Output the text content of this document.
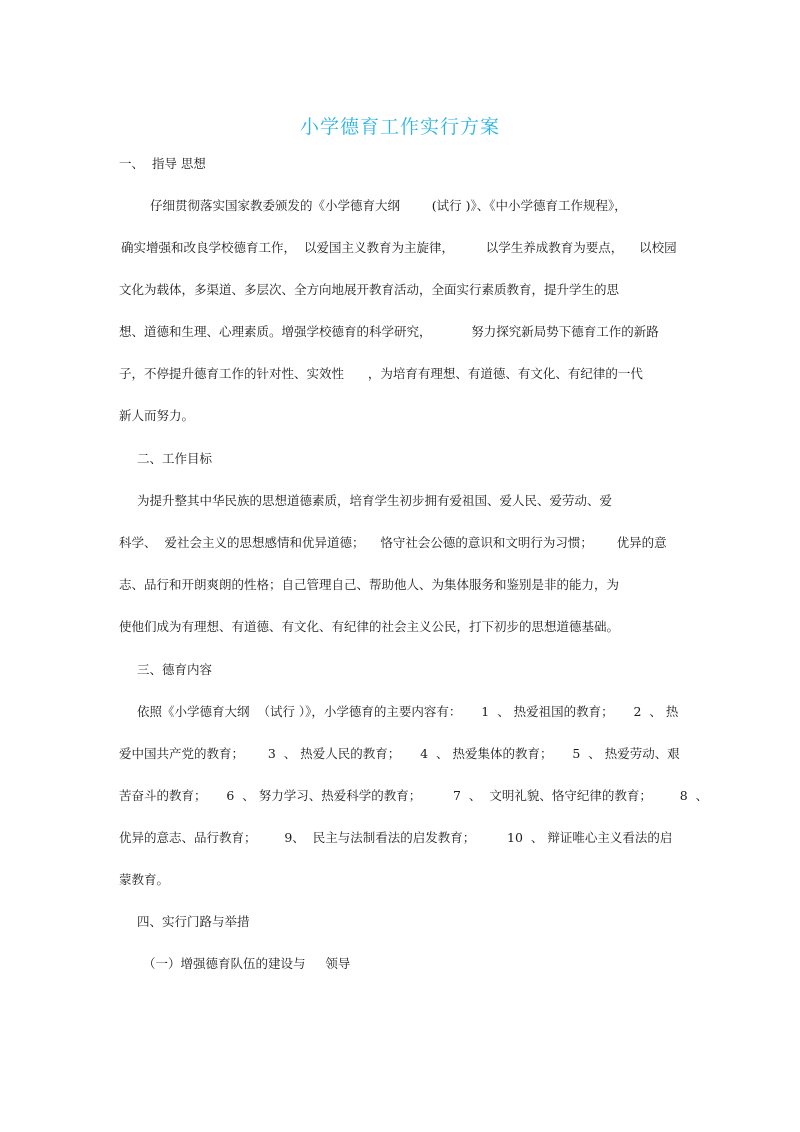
小学德育工作实行方案
一、  指导 思想
仔细贯彻落实国家教委颁发的《小学德育大纲        (试行 )》、《中小学德育工作规程》，
确实增强和改良学校德育工作，  以爱国主义教育为主旋律，        以学生养成教育为要点，    以校园
文化为载体，多渠道、多层次、全方向地展开教育活动，全面实行素质教育，提升学生的思
想、道德和生理、心理素质。增强学校德育的科学研究，          努力探究新局势下德育工作的新路
子，不停提升德育工作的针对性、实效性      ，为培育有理想、有道德、有文化、有纪律的一代
新人而努力。
二、工作目标
为提升整其中华民族的思想道德素质，培育学生初步拥有爱祖国、爱人民、爱劳动、爱
科学、  爱社会主义的思想感情和优异道德；    恪守社会公德的意识和文明行为习惯；      优异的意
志、品行和开朗爽朗的性格；自己管理自己、帮助他人、为集体服务和鉴别是非的能力，为
使他们成为有理想、有道德、有文化、有纪律的社会主义公民，打下初步的思想道德基础。
三、德育内容
依照《小学德育大纲  （试行 ）》，小学德育的主要内容有：     1  、 热爱祖国的教育；     2  、 热
爱中国共产党的教育；      3  、 热爱人民的教育；     4  、 热爱集体的教育；     5  、 热爱劳动、艰
苦奋斗的教育；     6  、 努力学习、热爱科学的教育；        7  、  文明礼貌、恪守纪律的教育；       8  、
优异的意志、品行教育；       9、  民主与法制看法的启发教育；        10  、 辩证唯心主义看法的启
蒙教育。
四、实行门路与举措
（一）增强德育队伍的建设与     领导
